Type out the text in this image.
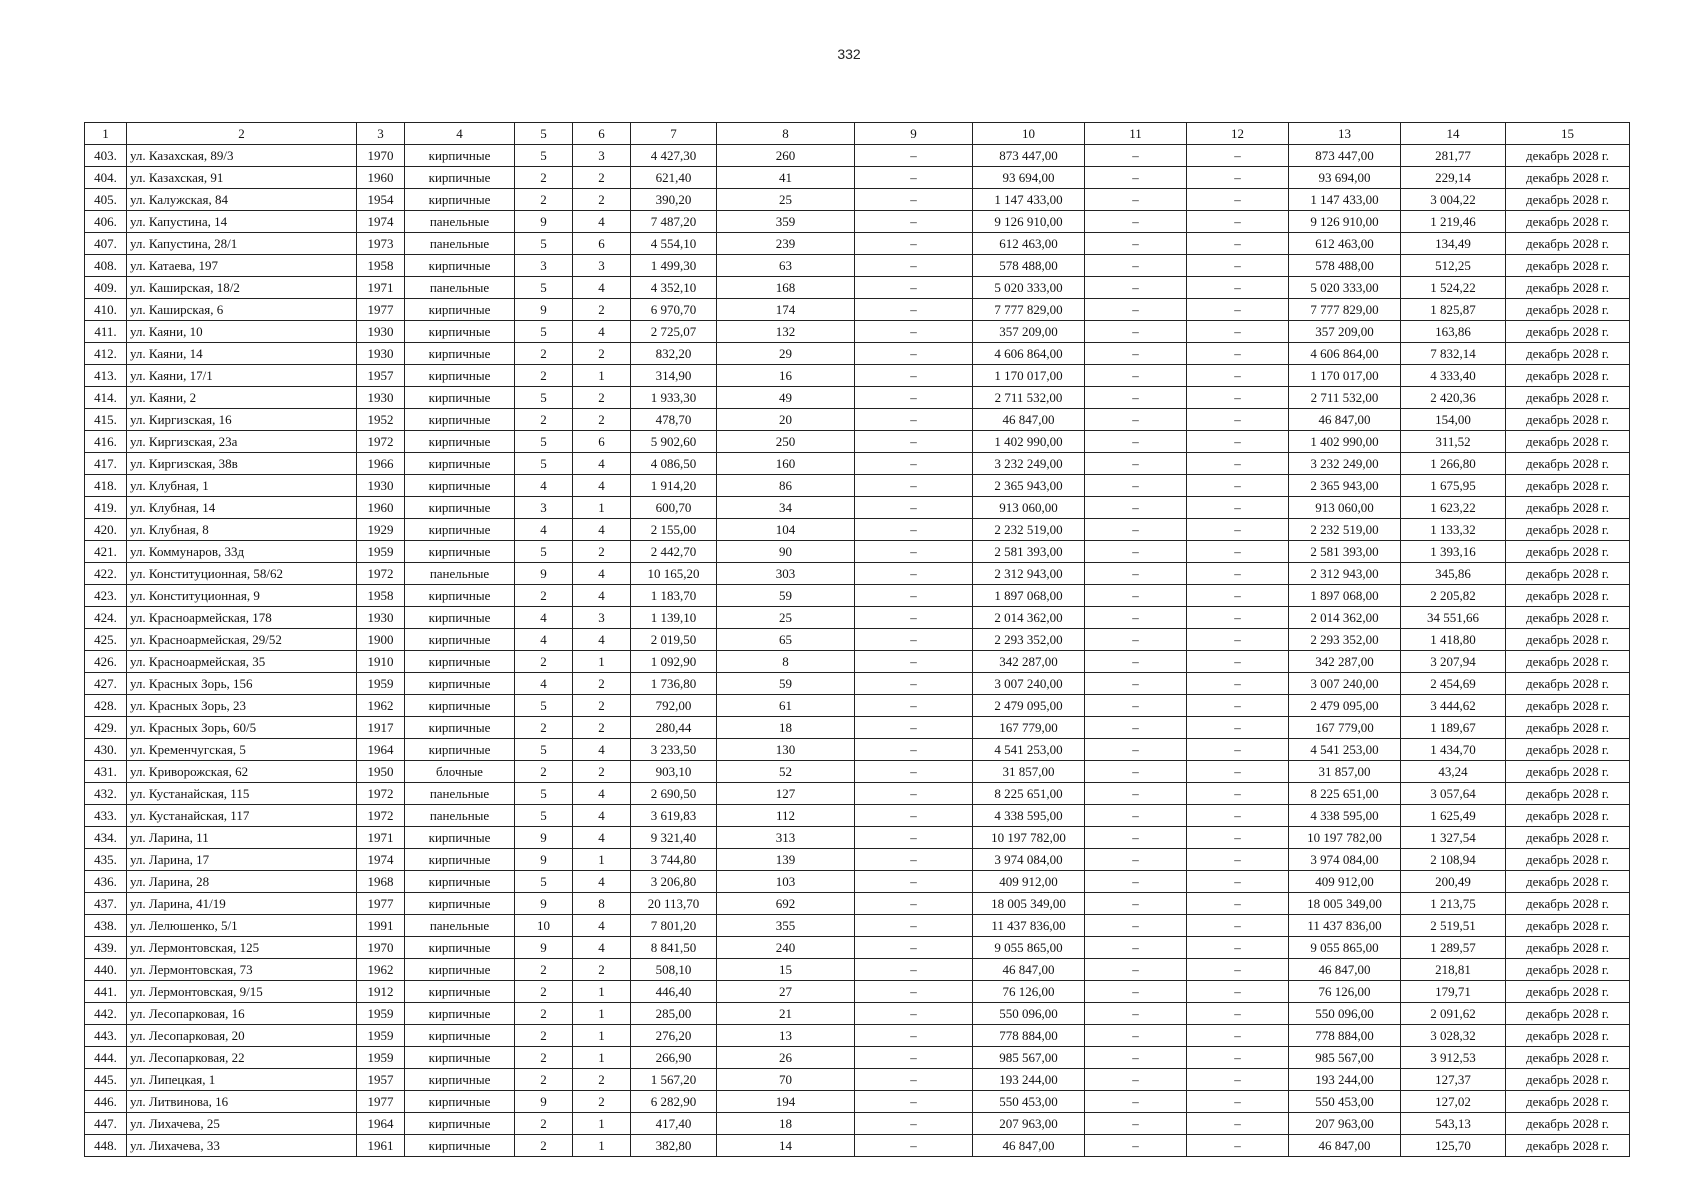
332
1	2	3	4	5	6	7	8	9	10	11	12	13	14	15
403.	ул. Казахская, 89/3	1970	кирпичные	5	3	4 427,30	260	–	873 447,00	–	–	873 447,00	281,77	декабрь 2028 г.
404.	ул. Казахская, 91	1960	кирпичные	2	2	621,40	41	–	93 694,00	–	–	93 694,00	229,14	декабрь 2028 г.
405.	ул. Калужская, 84	1954	кирпичные	2	2	390,20	25	–	1 147 433,00	–	–	1 147 433,00	3 004,22	декабрь 2028 г.
406.	ул. Капустина, 14	1974	панельные	9	4	7 487,20	359	–	9 126 910,00	–	–	9 126 910,00	1 219,46	декабрь 2028 г.
407.	ул. Капустина, 28/1	1973	панельные	5	6	4 554,10	239	–	612 463,00	–	–	612 463,00	134,49	декабрь 2028 г.
408.	ул. Катаева, 197	1958	кирпичные	3	3	1 499,30	63	–	578 488,00	–	–	578 488,00	512,25	декабрь 2028 г.
409.	ул. Каширская, 18/2	1971	панельные	5	4	4 352,10	168	–	5 020 333,00	–	–	5 020 333,00	1 524,22	декабрь 2028 г.
410.	ул. Каширская, 6	1977	кирпичные	9	2	6 970,70	174	–	7 777 829,00	–	–	7 777 829,00	1 825,87	декабрь 2028 г.
411.	ул. Каяни, 10	1930	кирпичные	5	4	2 725,07	132	–	357 209,00	–	–	357 209,00	163,86	декабрь 2028 г.
412.	ул. Каяни, 14	1930	кирпичные	2	2	832,20	29	–	4 606 864,00	–	–	4 606 864,00	7 832,14	декабрь 2028 г.
413.	ул. Каяни, 17/1	1957	кирпичные	2	1	314,90	16	–	1 170 017,00	–	–	1 170 017,00	4 333,40	декабрь 2028 г.
414.	ул. Каяни, 2	1930	кирпичные	5	2	1 933,30	49	–	2 711 532,00	–	–	2 711 532,00	2 420,36	декабрь 2028 г.
415.	ул. Киргизская, 16	1952	кирпичные	2	2	478,70	20	–	46 847,00	–	–	46 847,00	154,00	декабрь 2028 г.
416.	ул. Киргизская, 23а	1972	кирпичные	5	6	5 902,60	250	–	1 402 990,00	–	–	1 402 990,00	311,52	декабрь 2028 г.
417.	ул. Киргизская, 38в	1966	кирпичные	5	4	4 086,50	160	–	3 232 249,00	–	–	3 232 249,00	1 266,80	декабрь 2028 г.
418.	ул. Клубная, 1	1930	кирпичные	4	4	1 914,20	86	–	2 365 943,00	–	–	2 365 943,00	1 675,95	декабрь 2028 г.
419.	ул. Клубная, 14	1960	кирпичные	3	1	600,70	34	–	913 060,00	–	–	913 060,00	1 623,22	декабрь 2028 г.
420.	ул. Клубная, 8	1929	кирпичные	4	4	2 155,00	104	–	2 232 519,00	–	–	2 232 519,00	1 133,32	декабрь 2028 г.
421.	ул. Коммунаров, 33д	1959	кирпичные	5	2	2 442,70	90	–	2 581 393,00	–	–	2 581 393,00	1 393,16	декабрь 2028 г.
422.	ул. Конституционная, 58/62	1972	панельные	9	4	10 165,20	303	–	2 312 943,00	–	–	2 312 943,00	345,86	декабрь 2028 г.
423.	ул. Конституционная, 9	1958	кирпичные	2	4	1 183,70	59	–	1 897 068,00	–	–	1 897 068,00	2 205,82	декабрь 2028 г.
424.	ул. Красноармейская, 178	1930	кирпичные	4	3	1 139,10	25	–	2 014 362,00	–	–	2 014 362,00	34 551,66	декабрь 2028 г.
425.	ул. Красноармейская, 29/52	1900	кирпичные	4	4	2 019,50	65	–	2 293 352,00	–	–	2 293 352,00	1 418,80	декабрь 2028 г.
426.	ул. Красноармейская, 35	1910	кирпичные	2	1	1 092,90	8	–	342 287,00	–	–	342 287,00	3 207,94	декабрь 2028 г.
427.	ул. Красных Зорь, 156	1959	кирпичные	4	2	1 736,80	59	–	3 007 240,00	–	–	3 007 240,00	2 454,69	декабрь 2028 г.
428.	ул. Красных Зорь, 23	1962	кирпичные	5	2	792,00	61	–	2 479 095,00	–	–	2 479 095,00	3 444,62	декабрь 2028 г.
429.	ул. Красных Зорь, 60/5	1917	кирпичные	2	2	280,44	18	–	167 779,00	–	–	167 779,00	1 189,67	декабрь 2028 г.
430.	ул. Кременчугская, 5	1964	кирпичные	5	4	3 233,50	130	–	4 541 253,00	–	–	4 541 253,00	1 434,70	декабрь 2028 г.
431.	ул. Криворожская, 62	1950	блочные	2	2	903,10	52	–	31 857,00	–	–	31 857,00	43,24	декабрь 2028 г.
432.	ул. Кустанайская, 115	1972	панельные	5	4	2 690,50	127	–	8 225 651,00	–	–	8 225 651,00	3 057,64	декабрь 2028 г.
433.	ул. Кустанайская, 117	1972	панельные	5	4	3 619,83	112	–	4 338 595,00	–	–	4 338 595,00	1 625,49	декабрь 2028 г.
434.	ул. Ларина, 11	1971	кирпичные	9	4	9 321,40	313	–	10 197 782,00	–	–	10 197 782,00	1 327,54	декабрь 2028 г.
435.	ул. Ларина, 17	1974	кирпичные	9	1	3 744,80	139	–	3 974 084,00	–	–	3 974 084,00	2 108,94	декабрь 2028 г.
436.	ул. Ларина, 28	1968	кирпичные	5	4	3 206,80	103	–	409 912,00	–	–	409 912,00	200,49	декабрь 2028 г.
437.	ул. Ларина, 41/19	1977	кирпичные	9	8	20 113,70	692	–	18 005 349,00	–	–	18 005 349,00	1 213,75	декабрь 2028 г.
438.	ул. Лелюшенко, 5/1	1991	панельные	10	4	7 801,20	355	–	11 437 836,00	–	–	11 437 836,00	2 519,51	декабрь 2028 г.
439.	ул. Лермонтовская, 125	1970	кирпичные	9	4	8 841,50	240	–	9 055 865,00	–	–	9 055 865,00	1 289,57	декабрь 2028 г.
440.	ул. Лермонтовская, 73	1962	кирпичные	2	2	508,10	15	–	46 847,00	–	–	46 847,00	218,81	декабрь 2028 г.
441.	ул. Лермонтовская, 9/15	1912	кирпичные	2	1	446,40	27	–	76 126,00	–	–	76 126,00	179,71	декабрь 2028 г.
442.	ул. Лесопарковая, 16	1959	кирпичные	2	1	285,00	21	–	550 096,00	–	–	550 096,00	2 091,62	декабрь 2028 г.
443.	ул. Лесопарковая, 20	1959	кирпичные	2	1	276,20	13	–	778 884,00	–	–	778 884,00	3 028,32	декабрь 2028 г.
444.	ул. Лесопарковая, 22	1959	кирпичные	2	1	266,90	26	–	985 567,00	–	–	985 567,00	3 912,53	декабрь 2028 г.
445.	ул. Липецкая, 1	1957	кирпичные	2	2	1 567,20	70	–	193 244,00	–	–	193 244,00	127,37	декабрь 2028 г.
446.	ул. Литвинова, 16	1977	кирпичные	9	2	6 282,90	194	–	550 453,00	–	–	550 453,00	127,02	декабрь 2028 г.
447.	ул. Лихачева, 25	1964	кирпичные	2	1	417,40	18	–	207 963,00	–	–	207 963,00	543,13	декабрь 2028 г.
448.	ул. Лихачева, 33	1961	кирпичные	2	1	382,80	14	–	46 847,00	–	–	46 847,00	125,70	декабрь 2028 г.
